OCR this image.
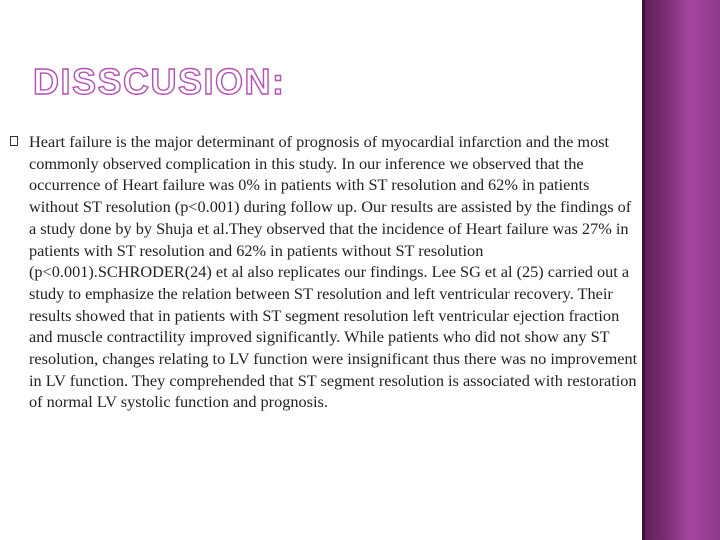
DISSCUSION:

Heart failure is the major determinant of prognosis of myocardial infarction and the most commonly observed complication in this study. In our inference we observed that the occurrence of Heart failure was 0% in patients with ST resolution and 62% in patients without ST resolution (p<0.001) during follow up. Our results are assisted by the findings of a study done by by Shuja et al.They observed that the incidence of Heart failure was 27% in patients with ST resolution and 62% in patients without ST resolution (p<0.001).SCHRODER(24) et al also replicates our findings. Lee SG et al (25) carried out a study to emphasize the relation between ST resolution and left ventricular recovery. Their results showed that in patients with ST segment resolution left ventricular ejection fraction and muscle contractility improved significantly. While patients who did not show any ST resolution, changes relating to LV function were insignificant thus there was no improvement in LV function. They comprehended that ST segment resolution is associated with restoration of normal LV systolic function and prognosis.
